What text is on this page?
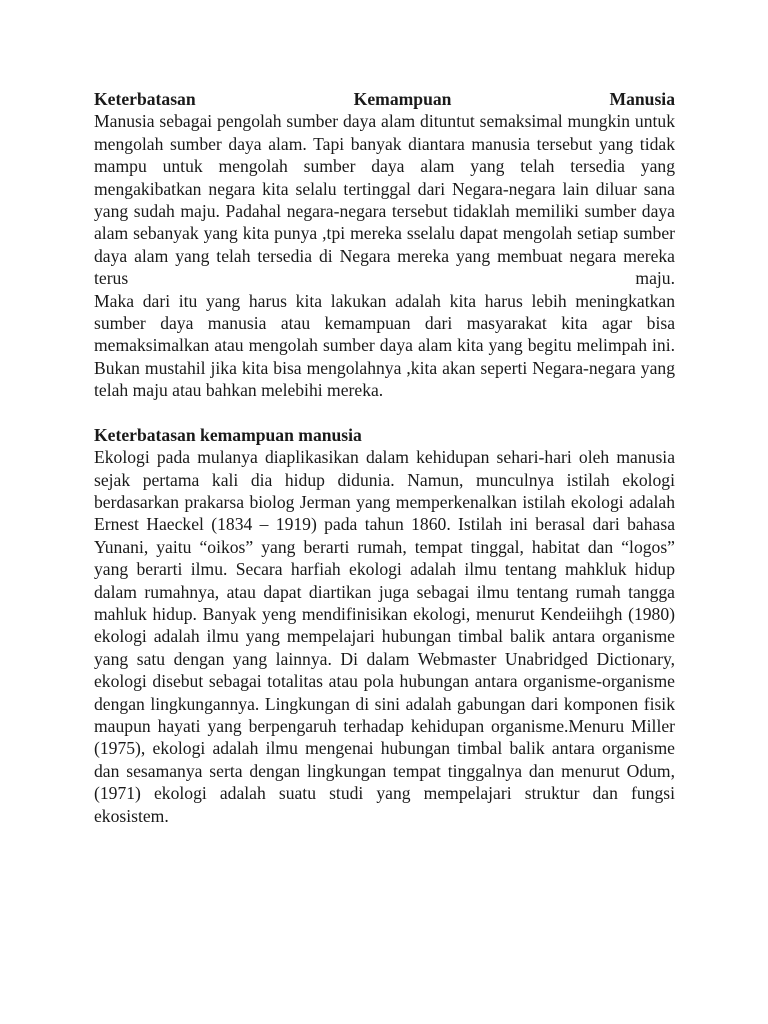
Keterbatasan Kemampuan Manusia

Manusia sebagai pengolah sumber daya alam dituntut semaksimal mungkin untuk mengolah sumber daya alam. Tapi banyak diantara manusia tersebut yang tidak mampu untuk mengolah sumber daya alam yang telah tersedia yang mengakibatkan negara kita selalu tertinggal dari Negara-negara lain diluar sana yang sudah maju. Padahal negara-negara tersebut tidaklah memiliki sumber daya alam sebanyak yang kita punya ,tpi mereka sselalu dapat mengolah setiap sumber daya alam yang telah tersedia di Negara mereka yang membuat negara mereka terus maju.

Maka dari itu yang harus kita lakukan adalah kita harus lebih meningkatkan sumber daya manusia atau kemampuan dari masyarakat kita agar bisa memaksimalkan atau mengolah sumber daya alam kita yang begitu melimpah ini. Bukan mustahil jika kita bisa mengolahnya ,kita akan seperti Negara-negara yang telah maju atau bahkan melebihi mereka.

Keterbatasan kemampuan manusia

Ekologi pada mulanya diaplikasikan dalam kehidupan sehari-hari oleh manusia sejak pertama kali dia hidup didunia. Namun, munculnya istilah ekologi berdasarkan prakarsa biolog Jerman yang memperkenalkan istilah ekologi adalah Ernest Haeckel (1834 – 1919) pada tahun 1860. Istilah ini berasal dari bahasa Yunani, yaitu “oikos” yang berarti rumah, tempat tinggal, habitat dan “logos” yang berarti ilmu. Secara harfiah ekologi adalah ilmu tentang mahkluk hidup dalam rumahnya, atau dapat diartikan juga sebagai ilmu tentang rumah tangga mahluk hidup. Banyak yeng mendifinisikan ekologi, menurut Kendeiihgh (1980) ekologi adalah ilmu yang mempelajari hubungan timbal balik antara organisme yang satu dengan yang lainnya. Di dalam Webmaster Unabridged Dictionary, ekologi disebut sebagai totalitas atau pola hubungan antara organisme-organisme dengan lingkungannya. Lingkungan di sini adalah gabungan dari komponen fisik maupun hayati yang berpengaruh terhadap kehidupan organisme.Menuru Miller (1975), ekologi adalah ilmu mengenai hubungan timbal balik antara organisme dan sesamanya serta dengan lingkungan tempat tinggalnya dan menurut Odum, (1971) ekologi adalah suatu studi yang mempelajari struktur dan fungsi ekosistem.
